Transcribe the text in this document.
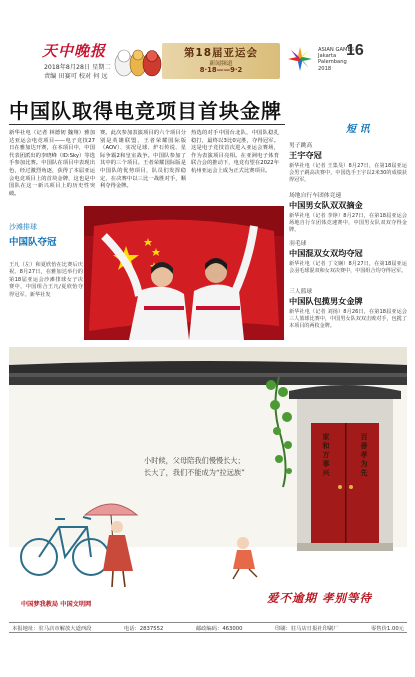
天中晚报
2018年8月28日 星期二
责编 田赛可 校对 何 远
第18届亚运会
新闻频道
8·18——9·2
ASIAN GAMES
Jakarta
Palembang
2018
16
中国队取得电竞项目首块金牌
新华社电（记者 林德韧 魏翔）雅加达亚运会电竞项目——电子竞技27日在雅加达开赛，在本项目中，中国代表团派出的李晓峰（ID:Sky）等选手参加比赛。中国队在项目中表现出色，经过激烈角逐，获得了本届亚运会电竞项目上的首块金牌，这也是中国队在这一新兴项目上的历史性突破。
赛。此次参加表演项目的六个项目分别是英雄联盟、王者荣耀国际版（AOV）、实况足球、炉石传说、星际争霸2和皇室战争。中国队参加了其中的三个项目。王者荣耀国际版是中国队的优势项目，队员们发挥稳定，在决赛中以三比一战胜对手，顺利夺得金牌。
热选的对手中国台北队，中国队稳扎稳打，最终以3比0完胜，夺得冠军。这是电子竞技首次进入亚运会赛场，作为表演项目亮相。在亚洲电子体育联合会的推动下，电竞有望在2022年杭州亚运会上成为正式比赛项目。
沙滩排球
中国队夺冠
王凡（左）和夏欣怡在比赛后庆祝。8月27日，在雅加达举行的第18届亚运会沙滩排球女子决赛中，中国组合王凡/夏欣怡夺得冠军。新华社发
短 讯
男子跳高
王宇夺冠
新华社电（记者 王集旻）8月27日，在第18届亚运会男子跳高决赛中，中国选手王宇以2米30的成绩获得冠军。
场地自行车团体竞速
中国男女队双双摘金
新华社电（记者 李铮）8月27日，在第18届亚运会场地自行车团体竞速赛中，中国男女队双双夺得金牌。
羽毛球
中国混双女双均夺冠
新华社电（记者 丁文娴）8月27日，在第18届亚运会羽毛球混双和女双决赛中，中国组合均夺得冠军。
三人篮球
中国队包揽男女金牌
新华社电（记者 刘扬）8月26日，在第18届亚运会三人篮球比赛中，中国男女队双双击败对手，包揽了本项目的两枚金牌。
小时候，父母陪我们慢慢长大；
长大了，我们不能成为“拉远族”	家和万事兴	百善孝为先
中国梦我教局 中国文明网	爱不逾期 孝别等待
本报地址：驻马店市解放大道西段	电话：2837552	邮政编码：463000	印刷：驻马店日报社印刷厂	零售价1.00元
